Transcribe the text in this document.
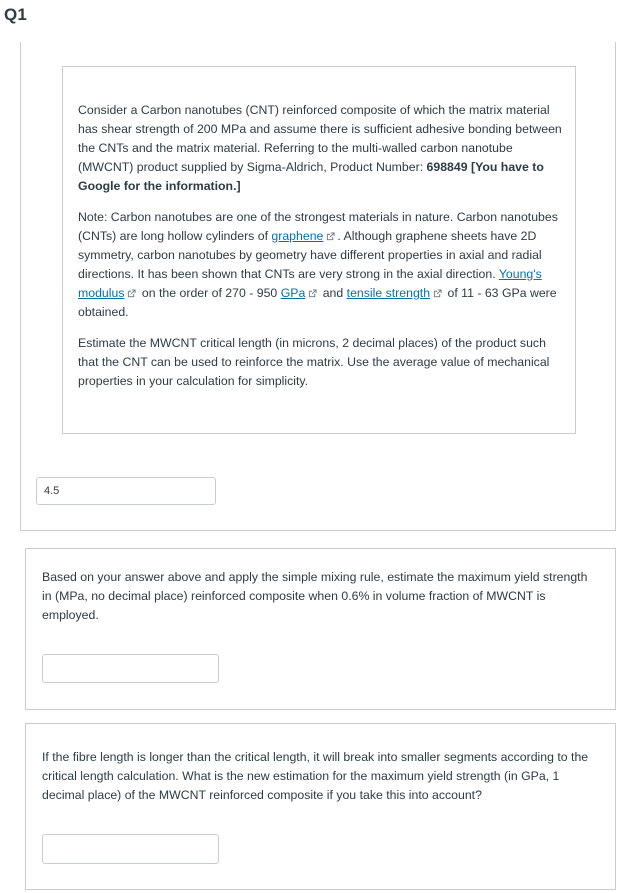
Q1

Consider a Carbon nanotubes (CNT) reinforced composite of which the matrix material has shear strength of 200 MPa and assume there is sufficient adhesive bonding between the CNTs and the matrix material. Referring to the multi-walled carbon nanotube (MWCNT) product supplied by Sigma-Aldrich, Product Number: 698849 [You have to Google for the information.]

Note: Carbon nanotubes are one of the strongest materials in nature. Carbon nanotubes (CNTs) are long hollow cylinders of graphene . Although graphene sheets have 2D symmetry, carbon nanotubes by geometry have different properties in axial and radial directions. It has been shown that CNTs are very strong in the axial direction. Young's modulus on the order of 270 - 950 GPa and tensile strength of 11 - 63 GPa were obtained.

Estimate the MWCNT critical length (in microns, 2 decimal places) of the product such that the CNT can be used to reinforce the matrix. Use the average value of mechanical properties in your calculation for simplicity.

4.5

Based on your answer above and apply the simple mixing rule, estimate the maximum yield strength in (MPa, no decimal place) reinforced composite when 0.6% in volume fraction of MWCNT is employed.

If the fibre length is longer than the critical length, it will break into smaller segments according to the critical length calculation. What is the new estimation for the maximum yield strength (in GPa, 1 decimal place) of the MWCNT reinforced composite if you take this into account?
